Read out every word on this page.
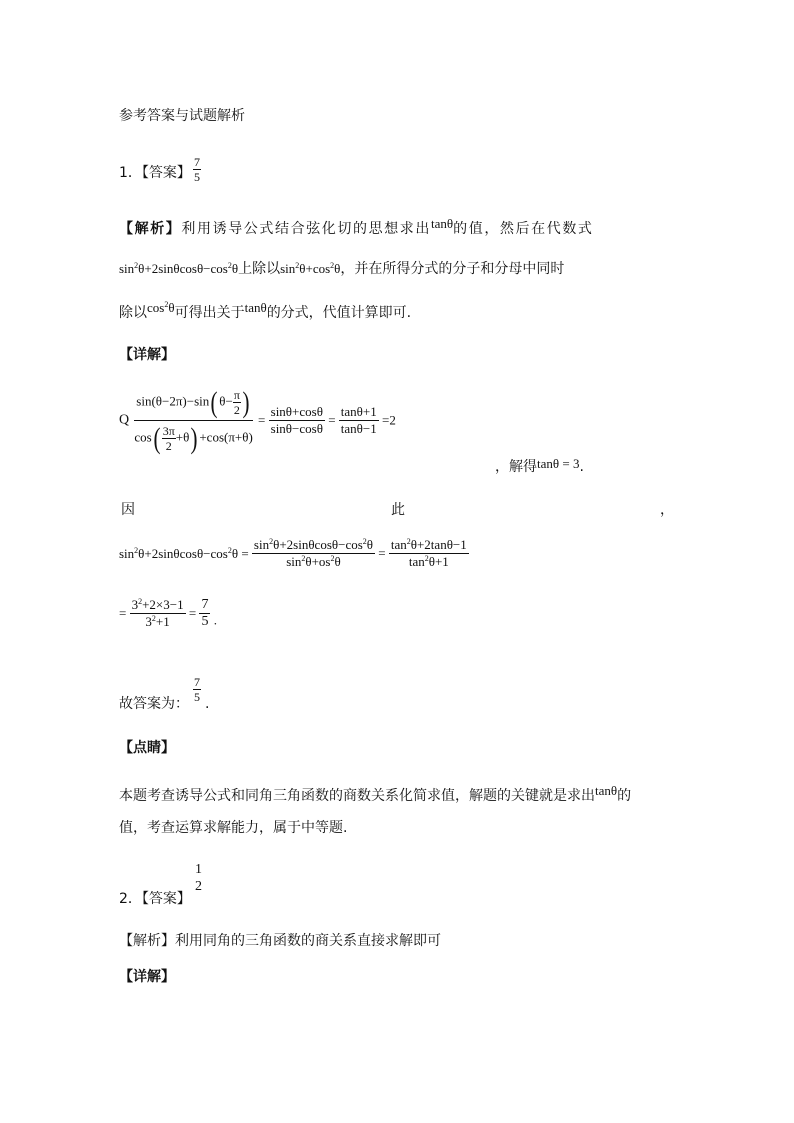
参考答案与试题解析
1．【答案】
7
5
【解析】利用诱导公式结合弦化切的思想求出tanθ的值，然后在代数式
$\sin^2\theta+2\sin\theta\cos\theta-\cos^2\theta$上除以$\sin^2\theta+\cos^2\theta$，并在所得分式的分子和分母中同时
除以$\cos^2\theta$可得出关于tanθ的分式，代值计算即可.
【详解】
Q $\frac{\sin(\theta-2\pi)-\sin( \theta- \frac{\pi}{2} )}{\cos( \frac{3\pi}{2} +\theta) +\cos(\pi+\theta)} = \frac{\sin\theta+\cos\theta}{\sin\theta-\cos\theta} = \frac{\tan\theta+1}{\tan\theta-1} =2$
，解得tanθ = 3.
因	此	，
$\sin^2\theta+2\sin\theta\cos\theta-\cos^2\theta = \frac{\sin^2\theta+2\sin\theta\cos\theta-\cos^2\theta}{\sin^2\theta+os^2\theta} = \frac{\tan^2\theta+2\tan\theta-1}{\tan^2\theta+1}$
= $\frac{3^2+2\times 3-1}{3^2+1} = \frac{7}{5}$ .
故答案为：
7
5 .
【点睛】
本题考查诱导公式和同角三角函数的商数关系化简求值，解题的关键就是求出tanθ的
值，考查运算求解能力，属于中等题.
2．【答案】
1
2
【解析】利用同角的三角函数的商关系直接求解即可
【详解】
